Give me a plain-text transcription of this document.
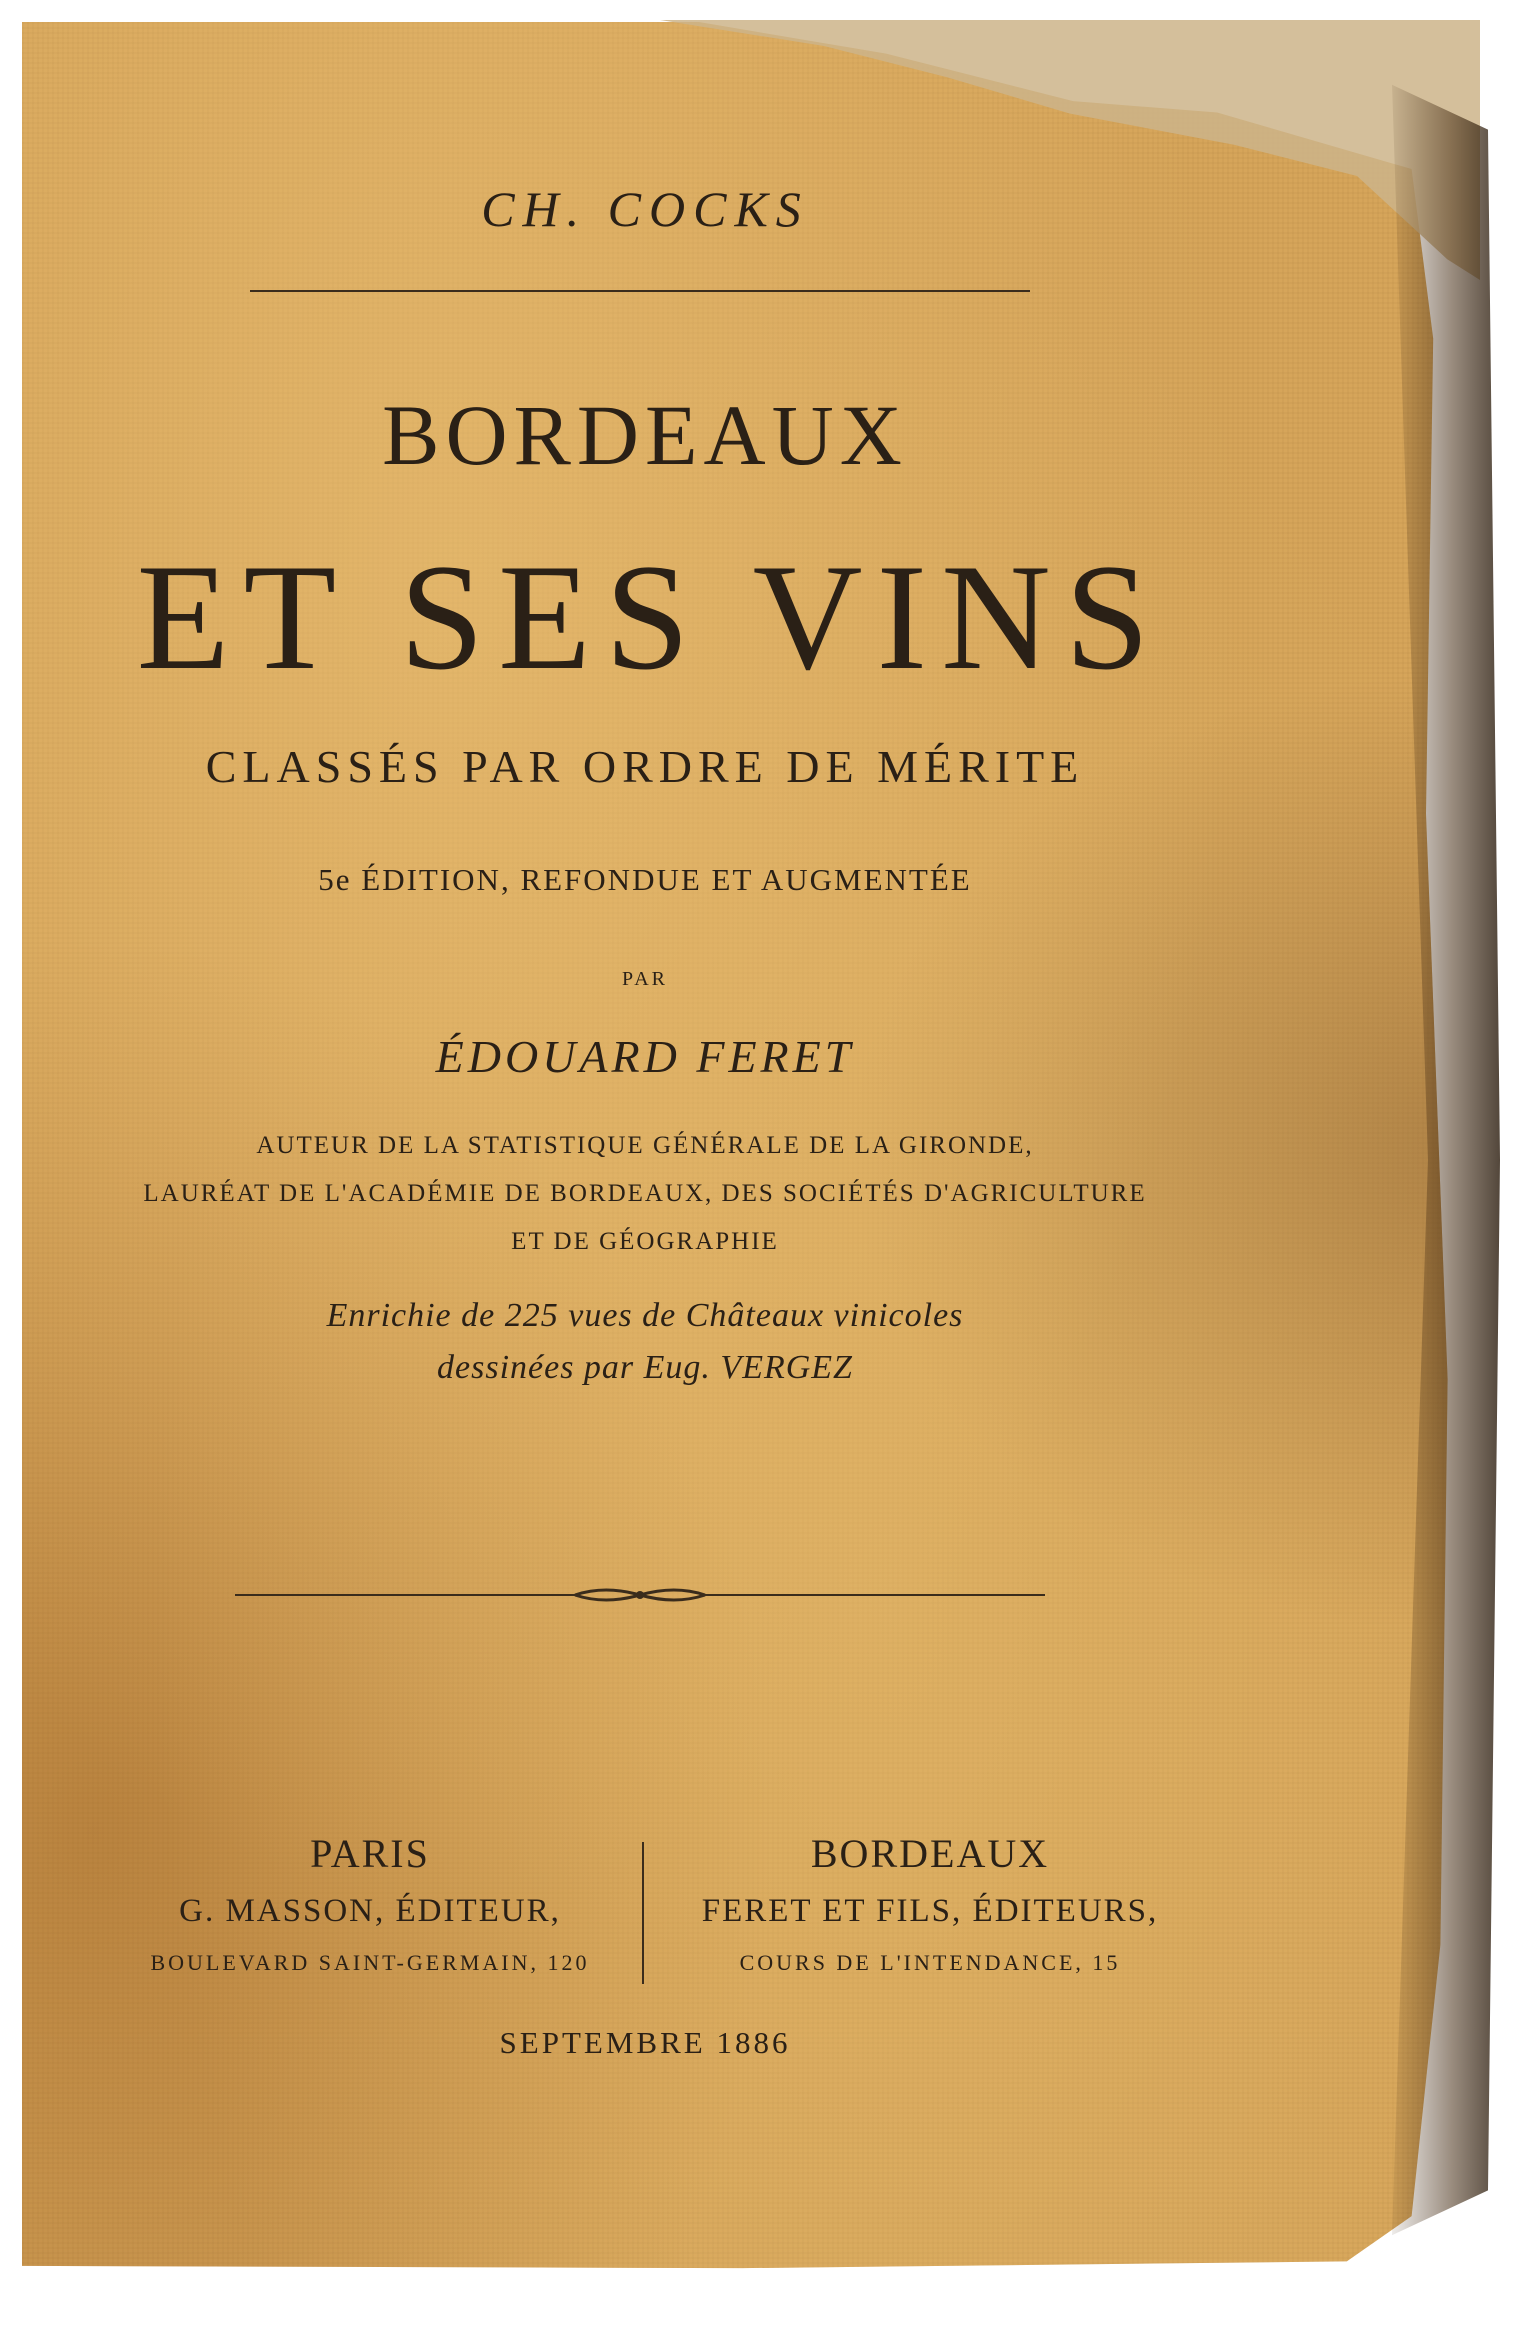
CH. COCKS
BORDEAUX
ET SES VINS
CLASSÉS PAR ORDRE DE MÉRITE
5e ÉDITION, REFONDUE ET AUGMENTÉE
PAR
ÉDOUARD FERET
AUTEUR DE LA STATISTIQUE GÉNÉRALE DE LA GIRONDE,
LAURÉAT DE L'ACADÉMIE DE BORDEAUX, DES SOCIÉTÉS D'AGRICULTURE
ET DE GÉOGRAPHIE
Enrichie de 225 vues de Châteaux vinicoles
dessinées par Eug. VERGEZ
PARIS
G. MASSON, ÉDITEUR,
BOULEVARD SAINT-GERMAIN, 120
BORDEAUX
FERET ET FILS, ÉDITEURS,
COURS DE L'INTENDANCE, 15
SEPTEMBRE 1886
